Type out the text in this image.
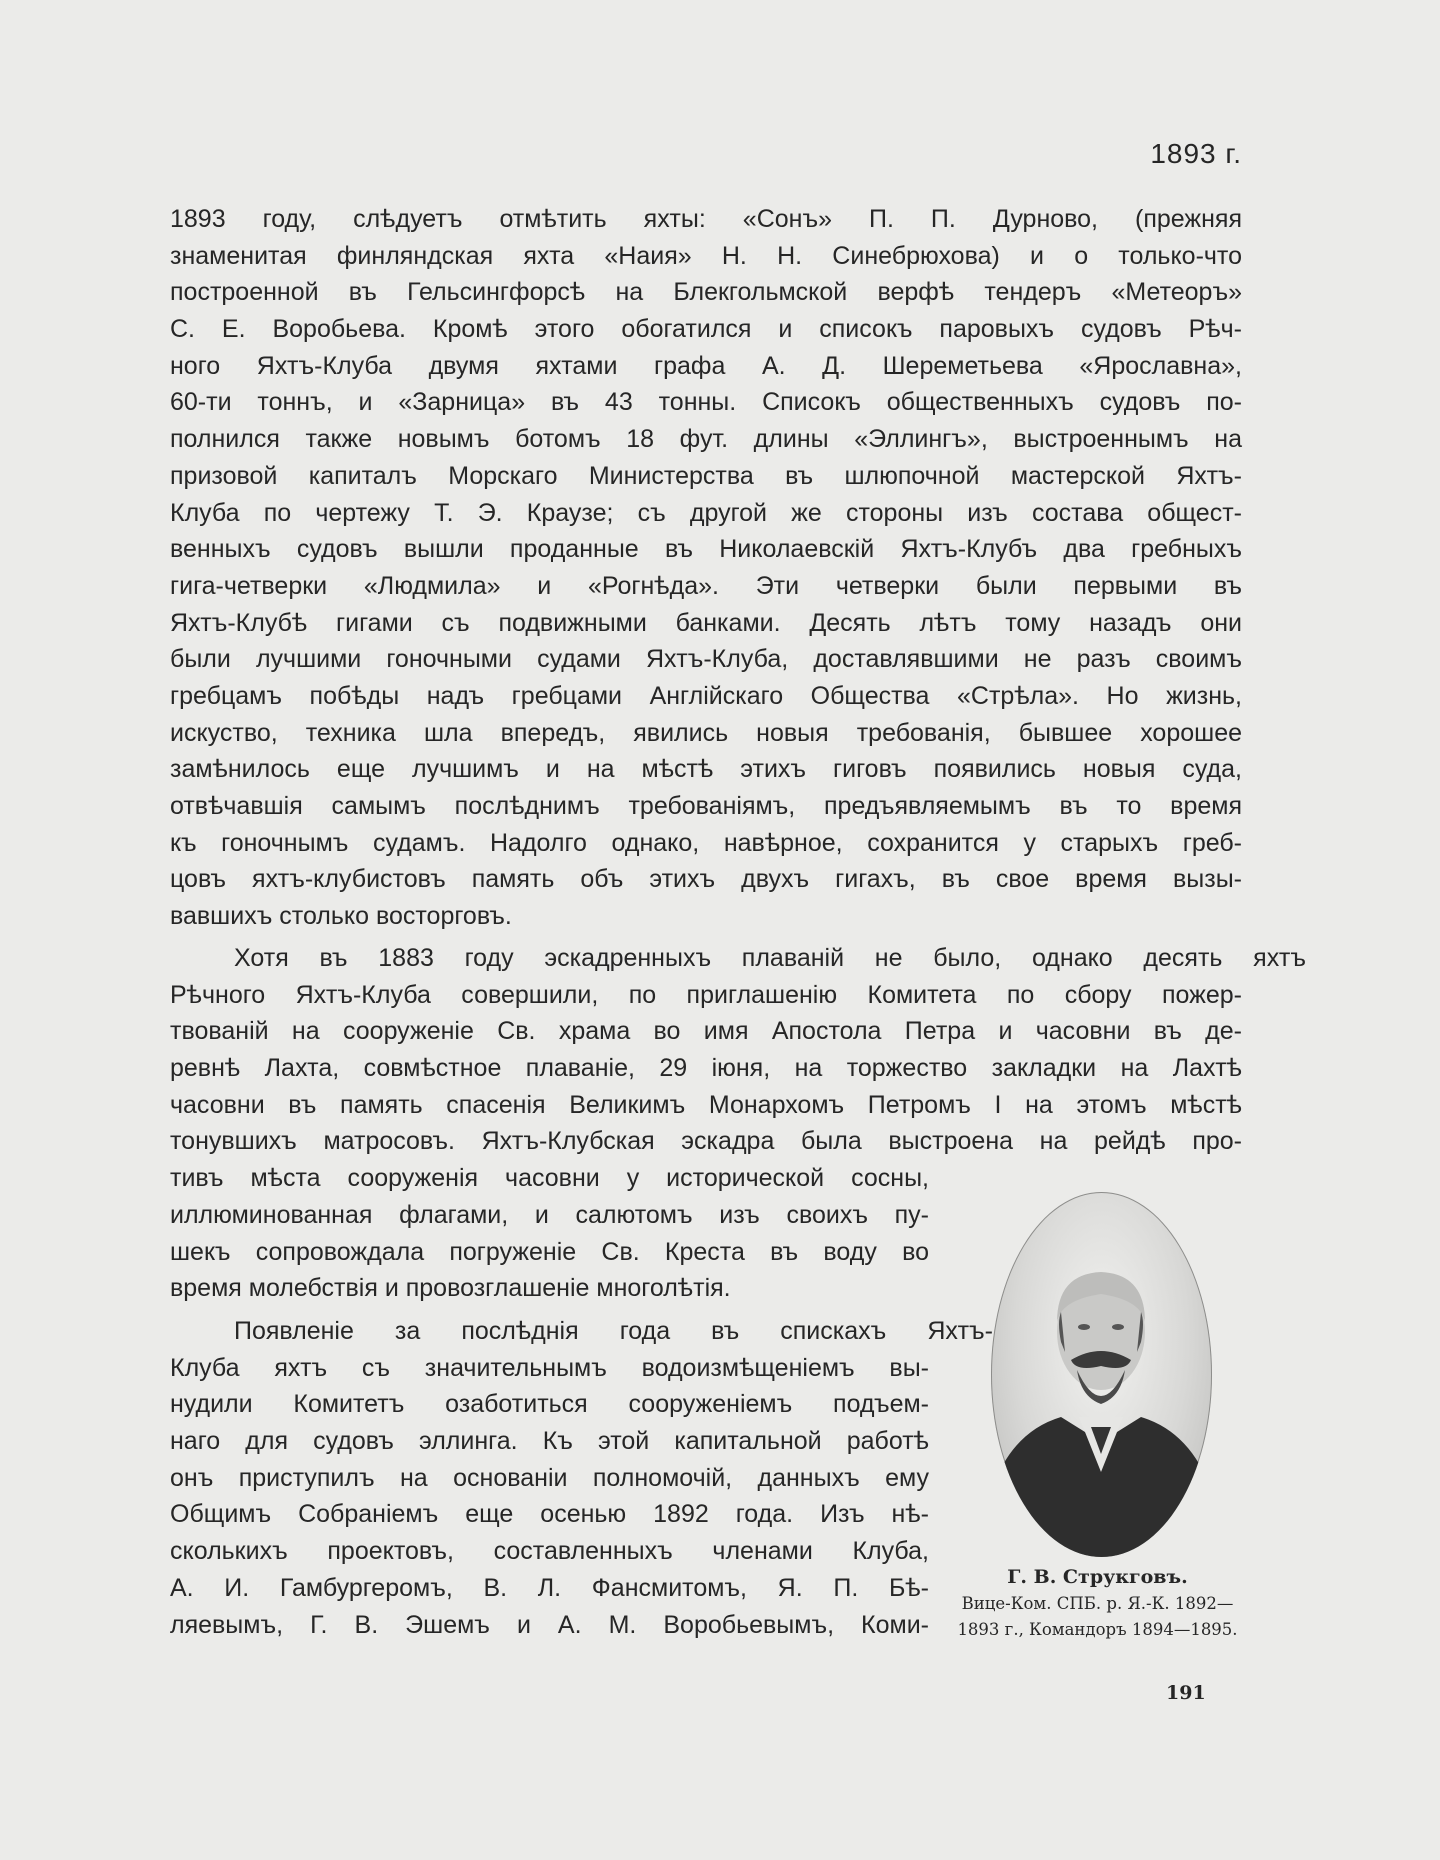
1893 г.
1893 году, слѣдуетъ отмѣтить яхты: «Сонъ» П. П. Дурново, (прежняя
знаменитая финляндская яхта «Наия» Н. Н. Синебрюхова) и о только-что
построенной въ Гельсингфорсѣ на Блекгольмской верфѣ тендеръ «Метеоръ»
С. Е. Воробьева. Кромѣ этого обогатился и списокъ паровыхъ судовъ Рѣч-
ного Яхтъ-Клуба двумя яхтами графа А. Д. Шереметьева «Ярославна»,
60-ти тоннъ, и «Зарница» въ 43 тонны. Списокъ общественныхъ судовъ по-
полнился также новымъ ботомъ 18 фут. длины «Эллингъ», выстроеннымъ на
призовой капиталъ Морскаго Министерства въ шлюпочной мастерской Яхтъ-
Клуба по чертежу Т. Э. Краузе; съ другой же стороны изъ состава общест-
венныхъ судовъ вышли проданные въ Николаевскій Яхтъ-Клубъ два гребныхъ
гига-четверки «Людмила» и «Рогнѣда». Эти четверки были первыми въ
Яхтъ-Клубѣ гигами съ подвижными банками. Десять лѣтъ тому назадъ они
были лучшими гоночными судами Яхтъ-Клуба, доставлявшими не разъ своимъ
гребцамъ побѣды надъ гребцами Англійскаго Общества «Стрѣла». Но жизнь,
искуство, техника шла впередъ, явились новыя требованія, бывшее хорошее
замѣнилось еще лучшимъ и на мѣстѣ этихъ гиговъ появились новыя суда,
отвѣчавшія самымъ послѣднимъ требованіямъ, предъявляемымъ въ то время
къ гоночнымъ судамъ. Надолго однако, навѣрное, сохранится у старыхъ греб-
цовъ яхтъ-клубистовъ память объ этихъ двухъ гигахъ, въ свое время вызы-
вавшихъ столько восторговъ.
Хотя въ 1883 году эскадренныхъ плаваній не было, однако десять яхтъ
Рѣчного Яхтъ-Клуба совершили, по приглашенію Комитета по сбору пожер-
твованій на сооруженіе Св. храма во имя Апостола Петра и часовни въ де-
ревнѣ Лахта, совмѣстное плаваніе, 29 іюня, на торжество закладки на Лахтѣ
часовни въ память спасенія Великимъ Монархомъ Петромъ I на этомъ мѣстѣ
тонувшихъ матросовъ. Яхтъ-Клубская эскадра была выстроена на рейдѣ про-
тивъ мѣста сооруженія часовни у исторической сосны,
иллюминованная флагами, и салютомъ изъ своихъ пу-
шекъ сопровождала погруженіе Св. Креста въ воду во
время молебствія и провозглашеніе многолѣтія.
Появленіе за послѣднія года въ спискахъ Яхтъ-
Клуба яхтъ съ значительнымъ водоизмѣщеніемъ вы-
нудили Комитетъ озаботиться сооруженіемъ подъем-
наго для судовъ эллинга. Къ этой капитальной работѣ
онъ приступилъ на основаніи полномочій, данныхъ ему
Общимъ Собраніемъ еще осенью 1892 года. Изъ нѣ-
сколькихъ проектовъ, составленныхъ членами Клуба,
А. И. Гамбургеромъ, В. Л. Фансмитомъ, Я. П. Бѣ-
ляевымъ, Г. В. Эшемъ и А. М. Воробьевымъ, Коми-
Г. В. Струкговъ.
Вице-Ком. СПБ. р. Я.-К. 1892—
1893 г., Командоръ 1894—1895.
191
